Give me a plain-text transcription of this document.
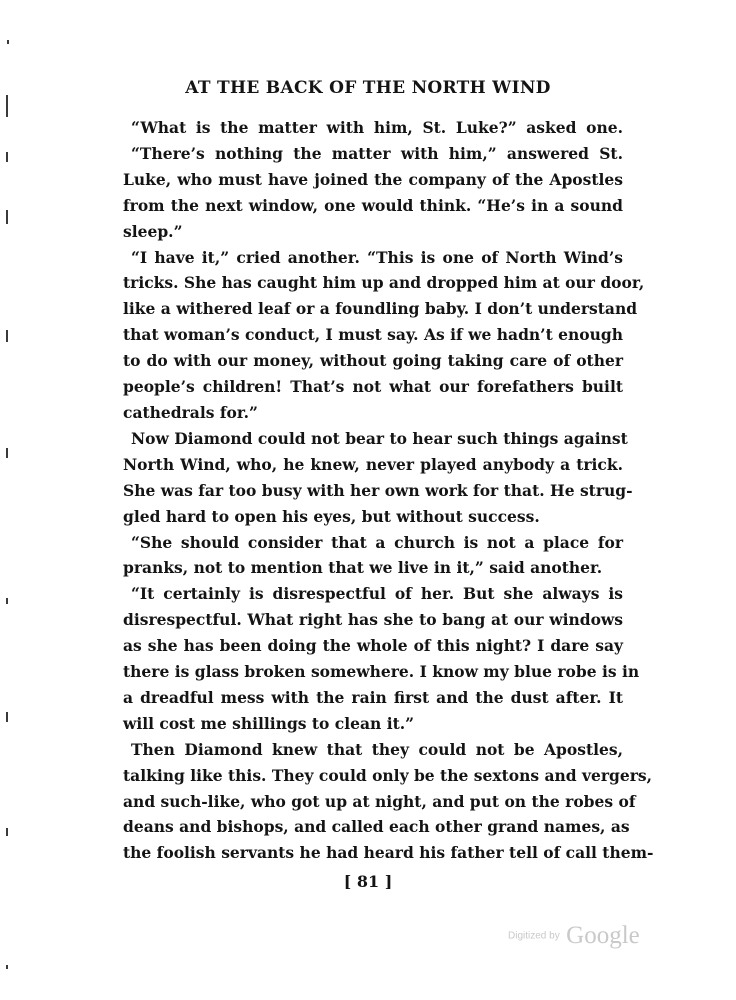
AT THE BACK OF THE NORTH WIND
“What is the matter with him, St. Luke?” asked one.
“There’s nothing the matter with him,” answered St.
Luke, who must have joined the company of the Apostles
from the next window, one would think. “He’s in a sound
sleep.”
“I have it,” cried another. “This is one of North Wind’s
tricks. She has caught him up and dropped him at our door,
like a withered leaf or a foundling baby. I don’t understand
that woman’s conduct, I must say. As if we hadn’t enough
to do with our money, without going taking care of other
people’s children! That’s not what our forefathers built
cathedrals for.”
Now Diamond could not bear to hear such things against
North Wind, who, he knew, never played anybody a trick.
She was far too busy with her own work for that. He strug-
gled hard to open his eyes, but without success.
“She should consider that a church is not a place for
pranks, not to mention that we live in it,” said another.
“It certainly is disrespectful of her. But she always is
disrespectful. What right has she to bang at our windows
as she has been doing the whole of this night? I dare say
there is glass broken somewhere. I know my blue robe is in
a dreadful mess with the rain first and the dust after. It
will cost me shillings to clean it.”
Then Diamond knew that they could not be Apostles,
talking like this. They could only be the sextons and vergers,
and such-like, who got up at night, and put on the robes of
deans and bishops, and called each other grand names, as
the foolish servants he had heard his father tell of call them-
[ 81 ]
Digitized by Google
